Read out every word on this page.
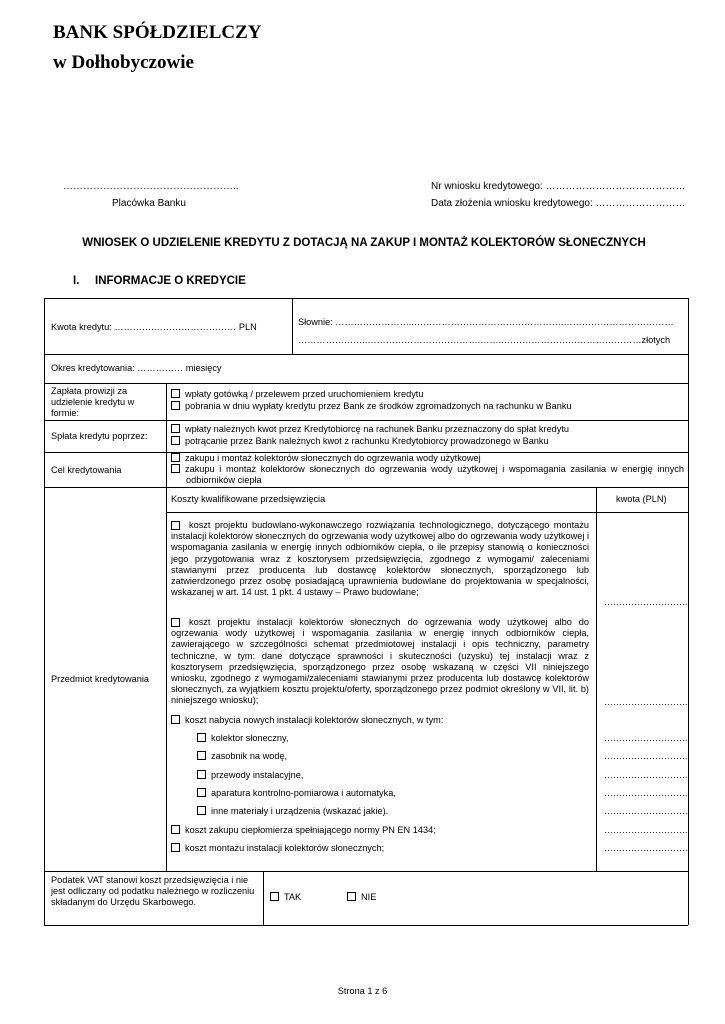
BANK SPÓŁDZIELCZY
w Dołhobyczowie
……………………………………………..
Placówka Banku
Nr wniosku kredytowego: ……………………………………
Data złożenia wniosku kredytowego: ………………………
WNIOSEK O UDZIELENIE KREDYTU Z DOTACJĄ NA ZAKUP I MONTAŻ KOLEKTORÓW SŁONECZNYCH
I. INFORMACJE O KREDYCIE
Kwota kredytu: ………….……………………… PLN	Słownie: ……………………..………………………………………….………………………………
…………………..……………………………….……..………………………………………złotych
Okres kredytowania: …………… miesięcy
Zapłata prowizji za udzielenie kredytu w formie:
wpłaty gotówką / przelewem przed uruchomieniem kredytu
pobrania w dniu wypłaty kredytu przez Bank ze środków zgromadzonych na rachunku w Banku
Spłata kredytu poprzez:
wpłaty należnych kwot przez Kredytobiorcę na rachunek Banku przeznaczony do spłat kredytu
potrącanie przez Bank należnych kwot z rachunku Kredytobiorcy prowadzonego w Banku
Cel kredytowania
zakupu i montaż kolektorów słonecznych do ogrzewania wody użytkowej
zakupu i montaż kolektorów słonecznych do ogrzewania wody użytkowej i wspomagania zasilania w energię innych odbiorników ciepła
Przedmiot kredytowania
Koszty kwalifikowane przedsięwzięcia	kwota (PLN)
koszt projektu budowlano-wykonawczego rozwiązania technologicznego, dotyczącego montażu instalacji kolektorów słonecznych do ogrzewania wody użytkowej albo do ogrzewania wody użytkowej i wspomagania zasilania w energię innych odbiorników ciepła, o ile przepisy stanowią o konieczności jego przygotowania wraz z kosztorysem przedsięwzięcia, zgodnego z wymogami/ zaleceniami stawianymi przez producenta lub dostawcę kolektorów słonecznych, sporządzonego lub zatwierdzonego przez osobę posiadającą uprawnienia budowlane do projektowania w specjalności, wskazanej w art. 14 ust. 1 pkt. 4 ustawy – Prawo budowlane;
……………………….
koszt projektu instalacji kolektorów słonecznych do ogrzewania wody użytkowej albo do ogrzewania wody użytkowej i wspomagania zasilania w energię innych odbiorników ciepła, zawierającego w szczególności schemat przedmiotowej instalacji i opis techniczny, parametry techniczne, w tym: dane dotyczące sprawności i skuteczności (uzysku) tej instalacji wraz z kosztorysem przedsięwzięcia, sporządzonego przez osobę wskazaną w części VII niniejszego wniosku, zgodnego z wymogami/zaleceniami stawianymi przez producenta lub dostawcę kolektorów słonecznych, za wyjątkiem kosztu projektu/oferty, sporządzonego przez podmiot określony w VII, lit. b) niniejszego wniosku);	……………………….
koszt nabycia nowych instalacji kolektorów słonecznych, w tym:
kolektor słoneczny,	……………………….
zasobnik na wodę,	……………………….
przewody instalacyjne,	……………………….
aparatura kontrolno-pomiarowa i automatyka,	……………………….
inne materiały i urządzenia (wskazać jakie).	……………………….
koszt zakupu ciepłomierza spełniającego normy PN EN 1434;	……………………….
koszt montażu instalacji kolektorów słonecznych;	……………………….
Podatek VAT stanowi koszt przedsięwzięcia i nie jest odliczany od podatku należnego w rozliczeniu składanym do Urzędu Skarbowego.
TAK	NIE
Strona 1 z 6
